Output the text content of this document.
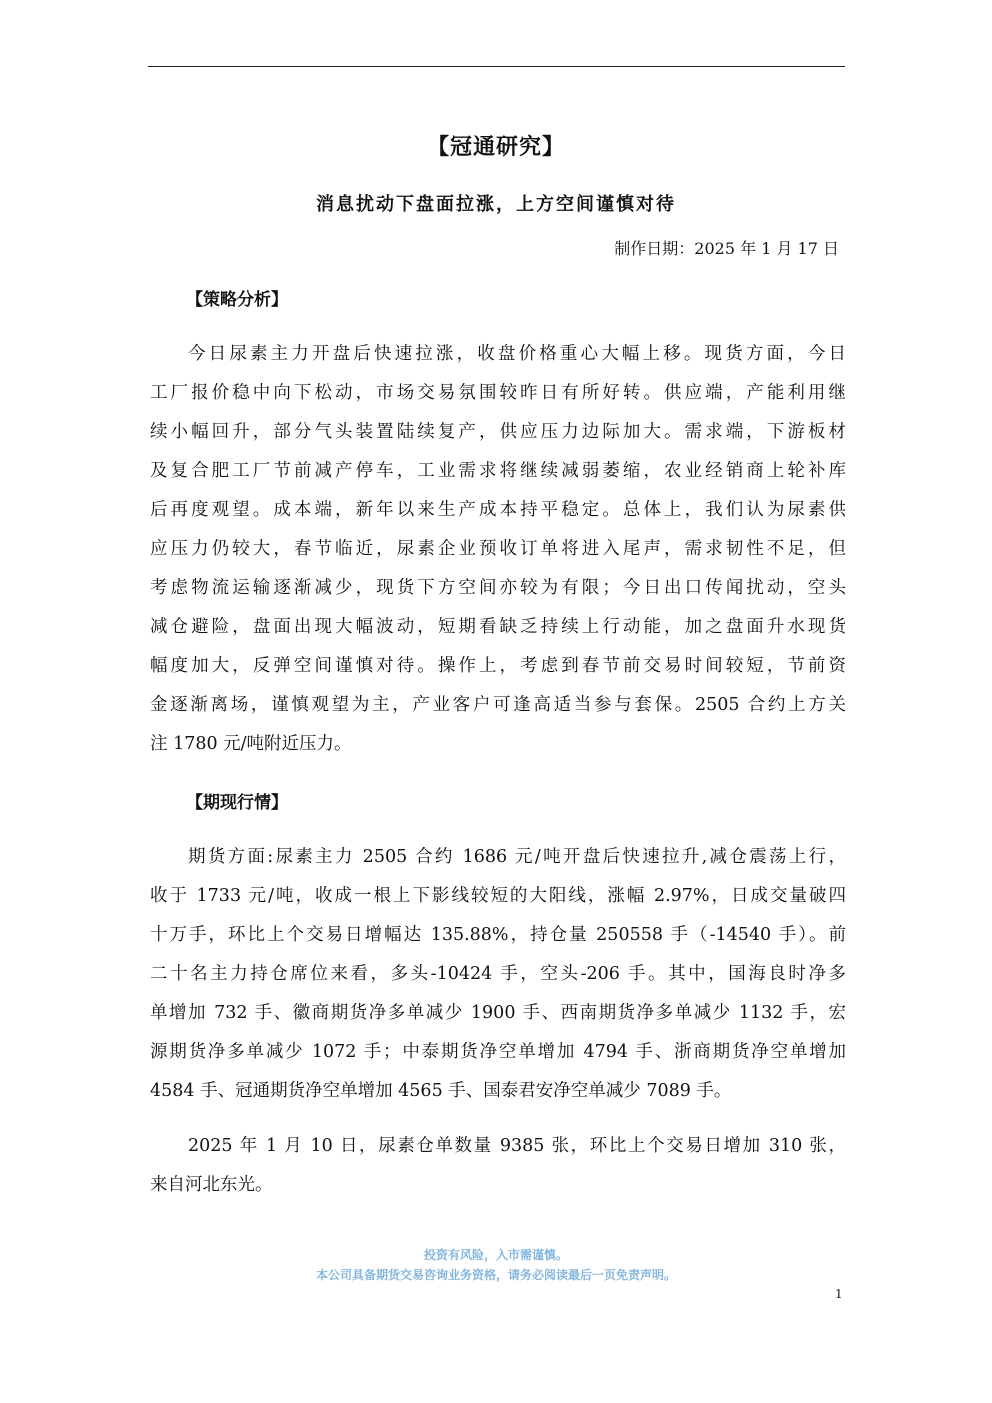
【冠通研究】
消息扰动下盘面拉涨，上方空间谨慎对待
制作日期：2025 年 1 月 17 日
【策略分析】
今日尿素主力开盘后快速拉涨，收盘价格重心大幅上移。现货方面，今日
工厂报价稳中向下松动，市场交易氛围较昨日有所好转。供应端，产能利用继
续小幅回升，部分气头装置陆续复产，供应压力边际加大。需求端，下游板材
及复合肥工厂节前减产停车，工业需求将继续减弱萎缩，农业经销商上轮补库
后再度观望。成本端，新年以来生产成本持平稳定。总体上，我们认为尿素供
应压力仍较大，春节临近，尿素企业预收订单将进入尾声，需求韧性不足，但
考虑物流运输逐渐减少，现货下方空间亦较为有限；今日出口传闻扰动，空头
减仓避险，盘面出现大幅波动，短期看缺乏持续上行动能，加之盘面升水现货
幅度加大，反弹空间谨慎对待。操作上，考虑到春节前交易时间较短，节前资
金逐渐离场，谨慎观望为主，产业客户可逢高适当参与套保。2505 合约上方关
注 1780 元/吨附近压力。
【期现行情】
期货方面:尿素主力 2505 合约 1686 元/吨开盘后快速拉升,减仓震荡上行，
收于 1733 元/吨，收成一根上下影线较短的大阳线，涨幅 2.97%，日成交量破四
十万手，环比上个交易日增幅达 135.88%，持仓量 250558 手（-14540 手）。前
二十名主力持仓席位来看，多头-10424 手，空头-206 手。其中，国海良时净多
单增加 732 手、徽商期货净多单减少 1900 手、西南期货净多单减少 1132 手，宏
源期货净多单减少 1072 手；中泰期货净空单增加 4794 手、浙商期货净空单增加
4584 手、冠通期货净空单增加 4565 手、国泰君安净空单减少 7089 手。
2025 年 1 月 10 日，尿素仓单数量 9385 张，环比上个交易日增加 310 张，
来自河北东光。
投资有风险，入市需谨慎。
本公司具备期货交易咨询业务资格，请务必阅读最后一页免责声明。
1
